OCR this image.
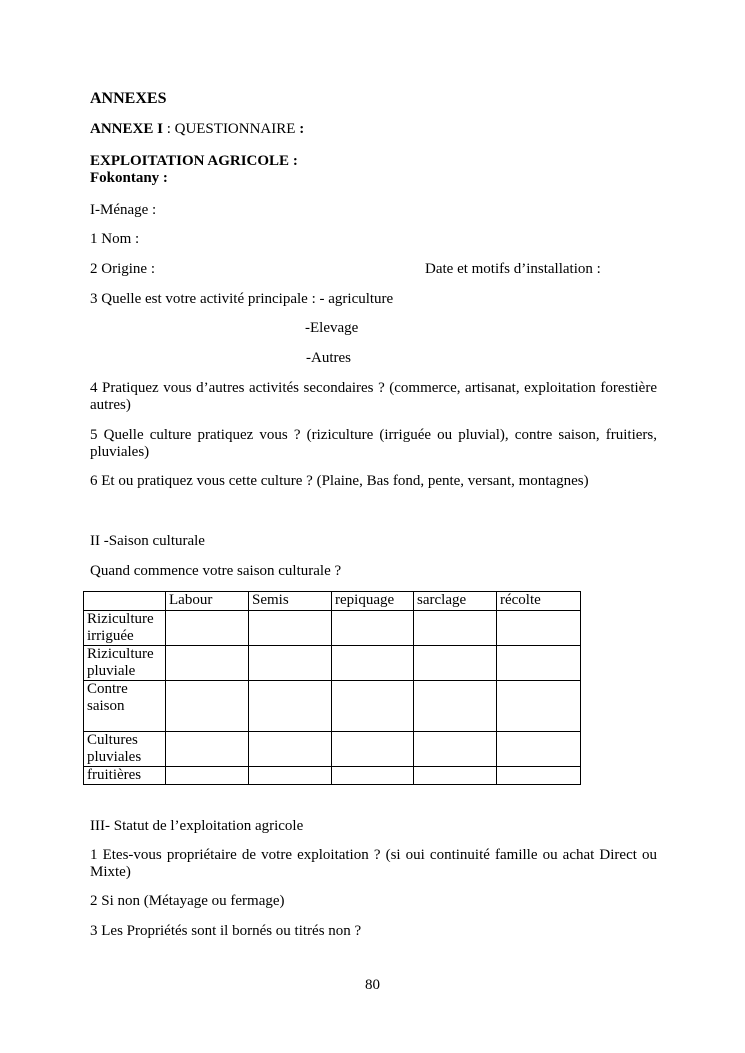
ANNEXES
ANNEXE I : QUESTIONNAIRE :
EXPLOITATION AGRICOLE :
Fokontany :
I-Ménage :
1 Nom :
2 Origine :	Date et motifs d’installation :
3 Quelle est votre activité principale : - agriculture
-Elevage
-Autres
4 Pratiquez vous d’autres activités secondaires ? (commerce, artisanat, exploitation forestière autres)
5 Quelle culture pratiquez vous ? (riziculture (irriguée ou pluvial), contre saison, fruitiers, pluviales)
6 Et ou pratiquez vous cette culture ? (Plaine, Bas fond, pente, versant, montagnes)
II -Saison culturale
Quand commence votre saison culturale ?
	Labour	Semis	repiquage	sarclage	récolte
Riziculture irriguée					
Riziculture pluviale					
Contre saison					
Cultures pluviales					
fruitières					
III- Statut de l’exploitation agricole
1 Etes-vous propriétaire de votre exploitation ? (si oui continuité famille ou achat Direct ou Mixte)
2 Si non (Métayage ou fermage)
3 Les Propriétés sont il bornés ou titrés non ?
80
